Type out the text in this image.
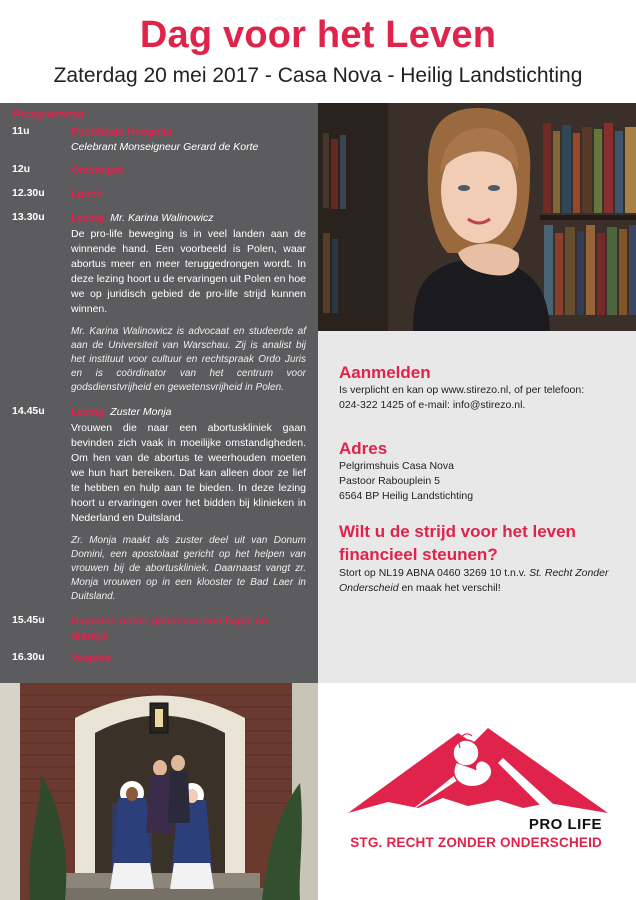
Dag voor het Leven
Zaterdag 20 mei 2017 - Casa Nova - Heilig Landstichting
Programma
11u	Pontificale Hoogmis
Celebrant Monseigneur Gerard de Korte
12u	Ontvangst
12.30u	Lunch
13.30u	Lezing Mr. Karina Walinowicz
De pro-life beweging is in veel landen aan de winnende hand. Een voorbeeld is Polen, waar abortus meer en meer teruggedrongen wordt. In deze lezing hoort u de ervaringen uit Polen en hoe we op juridisch gebied de pro-life strijd kunnen winnen.
Mr. Karina Walinowicz is advocaat en studeerde af aan de Universiteit van Warschau. Zij is analist bij het instituut voor cultuur en rechtspraak Ordo Juris en is coördinator van het centrum voor godsdienstvrijheid en gewetensvrijheid in Polen.
14.45u	Lezing Zuster Monja
Vrouwen die naar een abortuskliniek gaan bevinden zich vaak in moeilijke omstandigheden. Om hen van de abortus te weerhouden moeten we hun hart bereiken. Dat kan alleen door ze lief te hebben en hulp aan te bieden. In deze lezing hoort u ervaringen over het bidden bij klinieken in Nederland en Duitsland.
Zr. Monja maakt als zuster deel uit van Donum Domini, een apostolaat gericht op het helpen van vrouwen bij de abortuskliniek. Daarnaast vangt zr. Monja vrouwen op in een klooster te Bad Laer in Duitsland.
15.45u	Napraten onder genot van een hapje en drankje
16.30u	Vespers
Aanmelden
Is verplicht en kan op www.stirezo.nl, of per telefoon:
024-322 1425 of e-mail: info@stirezo.nl.
Adres
Pelgrimshuis Casa Nova
Pastoor Rabouplein 5
6564 BP Heilig Landstichting
Wilt u de strijd voor het leven
financieel steunen?
Stort op NL19 ABNA 0460 3269 10 t.n.v. St. Recht Zonder Onderscheid en maak het verschil!
PRO LIFE
STG. RECHT ZONDER ONDERSCHEID
